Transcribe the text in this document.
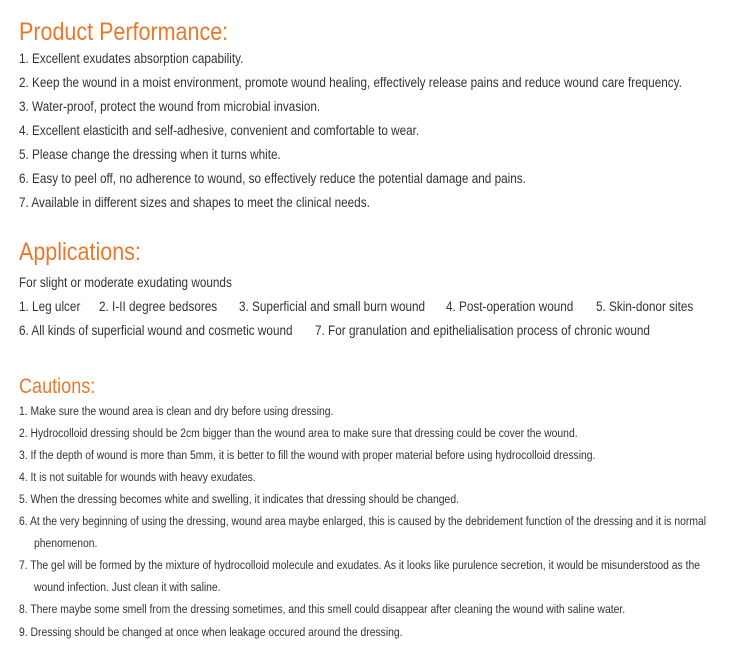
Product Performance:

1. Excellent exudates absorption capability.

2. Keep the wound in a moist environment, promote wound healing, effectively release pains and reduce wound care frequency.

3. Water-proof, protect the wound from microbial invasion.

4. Excellent elasticith and self-adhesive, convenient and comfortable to wear.

5. Please change the dressing when it turns white.

6. Easy to peel off, no adherence to wound, so effectively reduce the potential damage and pains.

7. Available in different sizes and shapes to meet the clinical needs.

Applications:

For slight or moderate exudating wounds

1. Leg ulcer 2. I-II degree bedsores 3. Superficial and small burn wound 4. Post-operation wound 5. Skin-donor sites
6. All kinds of superficial wound and cosmetic wound 7. For granulation and epithelialisation process of chronic wound
Cautions:

1. Make sure the wound area is clean and dry before using dressing.

2. Hydrocolloid dressing should be 2cm bigger than the wound area to make sure that dressing could be cover the wound.

3. If the depth of wound is more than 5mm, it is better to fill the wound with proper material before using hydrocolloid dressing.

4. It is not suitable for wounds with heavy exudates.

5. When the dressing becomes white and swelling, it indicates that dressing should be changed.

6. At the very beginning of using the dressing, wound area maybe enlarged, this is caused by the debridement function of the dressing and it is normal

phenomenon.

7. The gel will be formed by the mixture of hydrocolloid molecule and exudates. As it looks like purulence secretion, it would be misunderstood as the

wound infection. Just clean it with saline.

8. There maybe some smell from the dressing sometimes, and this smell could disappear after cleaning the wound with saline water.

9. Dressing should be changed at once when leakage occured around the dressing.
